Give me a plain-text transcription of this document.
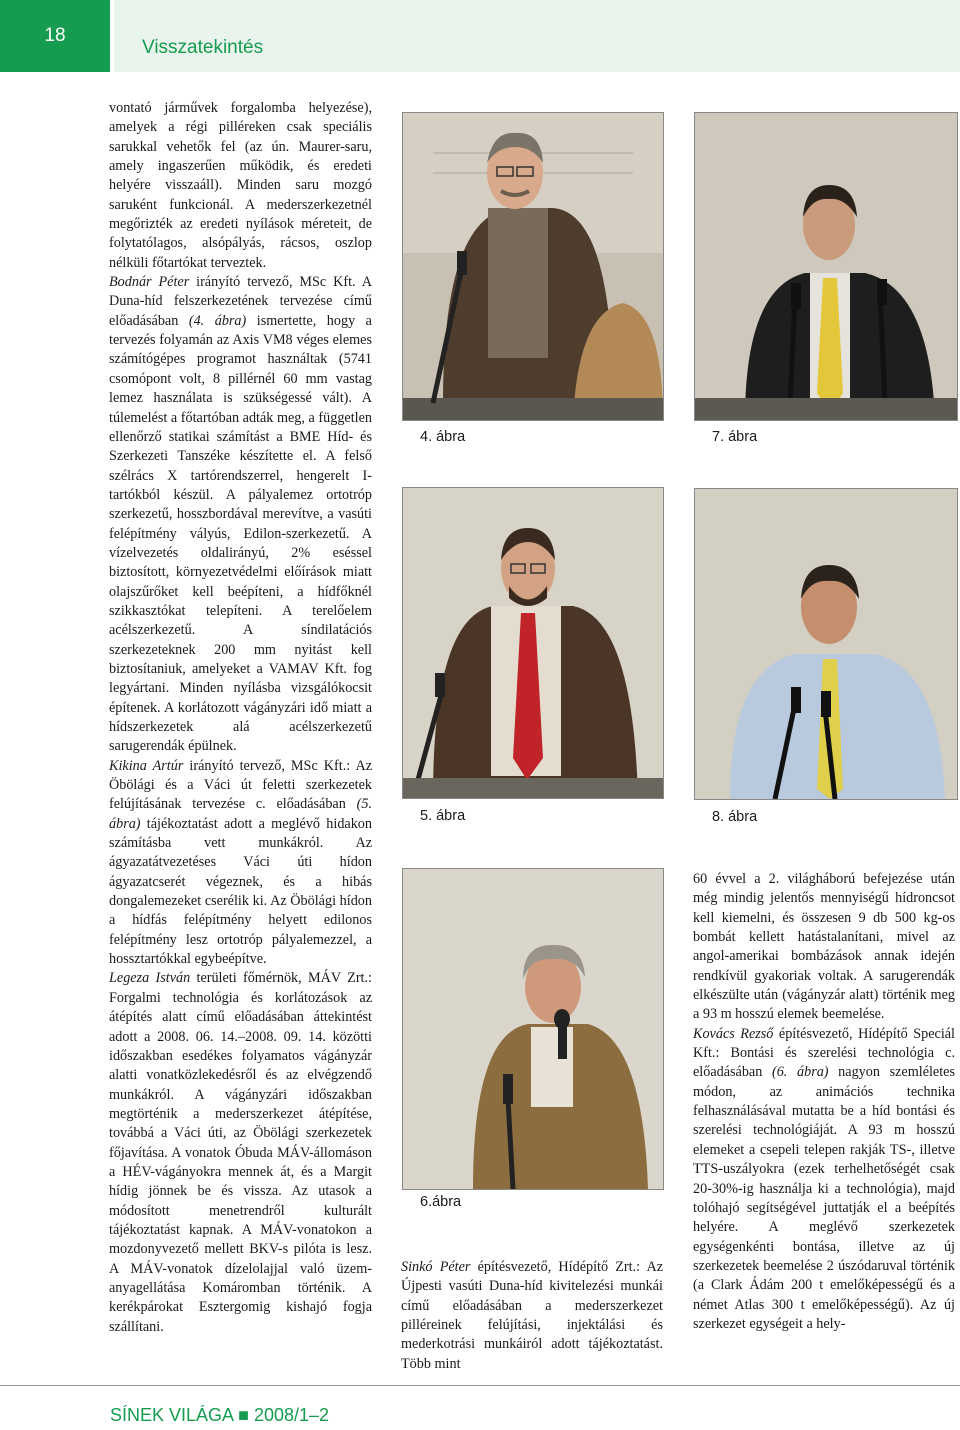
18
Visszatekintés

vontató járművek forgalomba helyezése), amelyek a régi pilléreken csak speciális sarukkal vehetők fel (az ún. Maurer-saru, amely ingaszerűen működik, és eredeti helyére visszaáll). Minden saru mozgó saruként funkcionál. A mederszerkezetnél megőrizték az eredeti nyílások méreteit, de folytatólagos, alsópályás, rácsos, oszlop nélküli főtartókat terveztek.

Bodnár Péter irányító tervező, MSc Kft. A Duna-híd felszerkezetének tervezése című előadásában (4. ábra) ismertette, hogy a tervezés folyamán az Axis VM8 véges elemes számítógépes programot használtak (5741 csomópont volt, 8 pillérnél 60 mm vastag lemez használata is szükségessé vált). A túlemelést a főtartóban adták meg, a független ellenőrző statikai számítást a BME Híd- és Szerkezeti Tanszéke készítette el. A felső szélrács X tartórendszerrel, hengerelt I-tartókból készül. A pályalemez ortotróp szerkezetű, hosszbordával merevítve, a vasúti felépítmény vályús, Edilon-szerkezetű. A vízelvezetés oldalirányú, 2% eséssel biztosított, környezetvédelmi előírások miatt olajszűrőket kell beépíteni, a hídfőknél szikkasztókat telepíteni. A terelőelem acélszerkezetű. A síndilatációs szerkezeteknek 200 mm nyitást kell biztosítaniuk, amelyeket a VAMAV Kft. fog legyártani. Minden nyílásba vizsgálókocsit építenek. A korlátozott vágányzári idő miatt a hídszerkezetek alá acélszerkezetű sarugerendák épülnek.

Kikina Artúr irányító tervező, MSc Kft.: Az Öbölági és a Váci út feletti szerkezetek felújításának tervezése c. előadásában (5. ábra) tájékoztatást adott a meglévő hidakon számításba vett munkákról. Az ágyazatátvezetéses Váci úti hídon ágyazatcserét végeznek, és a hibás dongalemezeket cserélik ki. Az Öbölági hídon a hídfás felépítmény helyett edilonos felépítmény lesz ortotróp pályalemezzel, a hossztartókkal egybeépítve.

Legeza István területi főmérnök, MÁV Zrt.: Forgalmi technológia és korlátozások az átépítés alatt című előadásában áttekintést adott a 2008. 06. 14.–2008. 09. 14. közötti időszakban esedékes folyamatos vágányzár alatti vonatközlekedésről és az elvégzendő munkákról. A vágányzári időszakban megtörténik a mederszerkezet átépítése, továbbá a Váci úti, az Öbölági szerkezetek főjavítása. A vonatok Óbuda MÁV-állomáson a HÉV-vágányokra mennek át, és a Margit hídig jönnek be és vissza. Az utasok a módosított menetrendről kulturált tájékoztatást kapnak. A MÁV-vonatokon a mozdonyvezető mellett BKV-s pilóta is lesz. A MÁV-vonatok dízelolajjal való üzem-anyagellátása Komáromban történik. A kerékpárokat Esztergomig kishajó fogja szállítani.

4. ábra
5. ábra
6.ábra
7. ábra
8. ábra

Sinkó Péter építésvezető, Hídépítő Zrt.: Az Újpesti vasúti Duna-híd kivitelezési munkái című előadásában a mederszerkezet pilléreinek felújítási, injektálási és mederkotrási munkáiról adott tájékoztatást. Több mint

60 évvel a 2. világháború befejezése után még mindig jelentős mennyiségű hídroncsot kell kiemelni, és összesen 9 db 500 kg-os bombát kellett hatástalanítani, mivel az angol-amerikai bombázások annak idején rendkívül gyakoriak voltak. A sarugerendák elkészülte után (vágányzár alatt) történik meg a 93 m hosszú elemek beemelése.

Kovács Rezső építésvezető, Hídépítő Speciál Kft.: Bontási és szerelési technológia c. előadásában (6. ábra) nagyon szemléletes módon, az animációs technika felhasználásával mutatta be a híd bontási és szerelési technológiáját. A 93 m hosszú elemeket a csepeli telepen rakják TS-, illetve TTS-uszályokra (ezek terhelhetőségét csak 20-30%-ig használja ki a technológia), majd tolóhajó segítségével juttatják el a beépítés helyére. A meglévő szerkezetek egységenkénti bontása, illetve az új szerkezetek beemelése 2 úszódaruval történik (a Clark Ádám 200 t emelőképességű és a német Atlas 300 t emelőképességű). Az új szerkezet egységeit a hely-

SÍNEK VILÁGA ■ 2008/1–2
